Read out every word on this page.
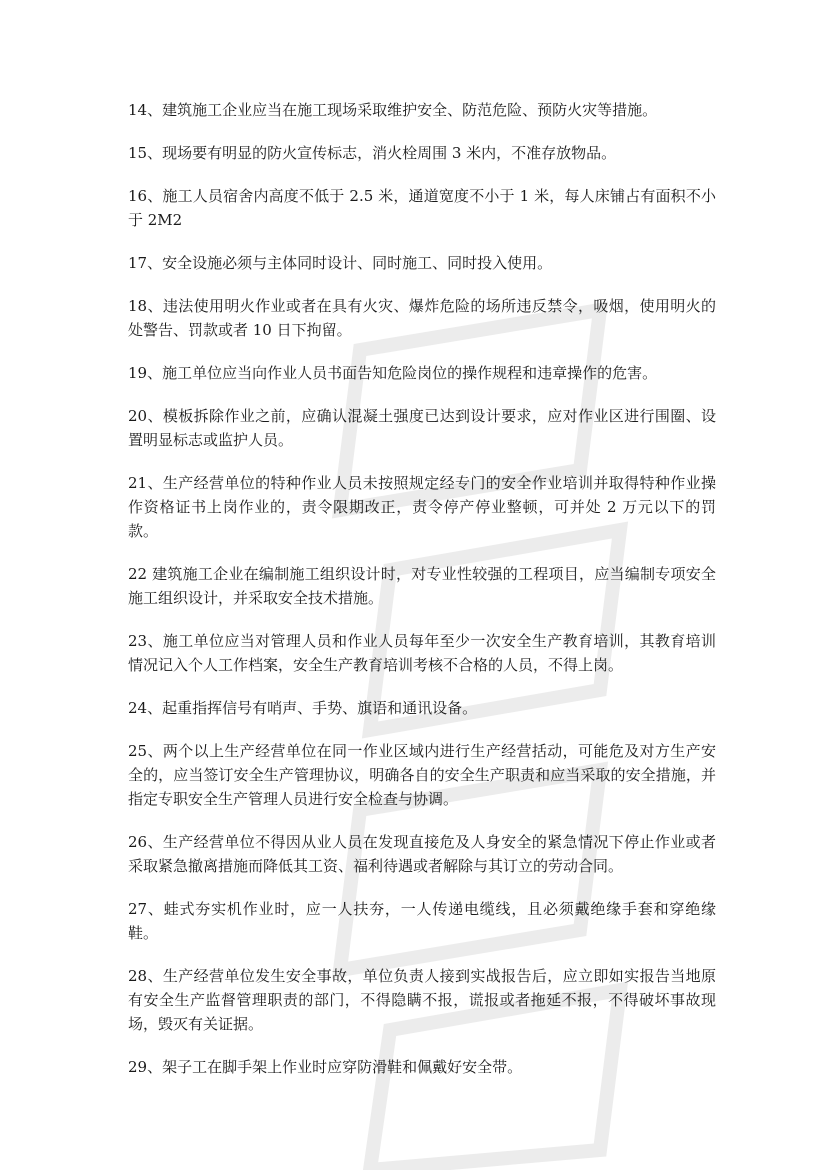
14、建筑施工企业应当在施工现场采取维护安全、防范危险、预防火灾等措施。

15、现场要有明显的防火宣传标志，消火栓周围 3 米内，不准存放物品。

16、施工人员宿舍内高度不低于 2.5 米，通道宽度不小于 1 米，每人床铺占有面积不小于 2M2

17、安全设施必须与主体同时设计、同时施工、同时投入使用。

18、违法使用明火作业或者在具有火灾、爆炸危险的场所违反禁令，吸烟，使用明火的处警告、罚款或者 10 日下拘留。

19、施工单位应当向作业人员书面告知危险岗位的操作规程和违章操作的危害。

20、模板拆除作业之前，应确认混凝土强度已达到设计要求，应对作业区进行围圈、设置明显标志或监护人员。

21、生产经营单位的特种作业人员未按照规定经专门的安全作业培训并取得特种作业操作资格证书上岗作业的，责令限期改正，责令停产停业整顿，可并处 2 万元以下的罚款。

22 建筑施工企业在编制施工组织设计时，对专业性较强的工程项目，应当编制专项安全施工组织设计，并采取安全技术措施。

23、施工单位应当对管理人员和作业人员每年至少一次安全生产教育培训，其教育培训情况记入个人工作档案，安全生产教育培训考核不合格的人员，不得上岗。

24、起重指挥信号有哨声、手势、旗语和通讯设备。

25、两个以上生产经营单位在同一作业区域内进行生产经营括动，可能危及对方生产安全的，应当签订安全生产管理协议，明确各自的安全生产职责和应当采取的安全措施，并指定专职安全生产管理人员进行安全检查与协调。

26、生产经营单位不得因从业人员在发现直接危及人身安全的紧急情况下停止作业或者采取紧急撤离措施而降低其工资、福利待遇或者解除与其订立的劳动合同。

27、蛙式夯实机作业时，应一人扶夯，一人传递电缆线，且必须戴绝缘手套和穿绝缘鞋。

28、生产经营单位发生安全事故，单位负责人接到实战报告后，应立即如实报告当地原有安全生产监督管理职责的部门，不得隐瞒不报，谎报或者拖延不报，不得破坏事故现场，毁灭有关证据。

29、架子工在脚手架上作业时应穿防滑鞋和佩戴好安全带。
